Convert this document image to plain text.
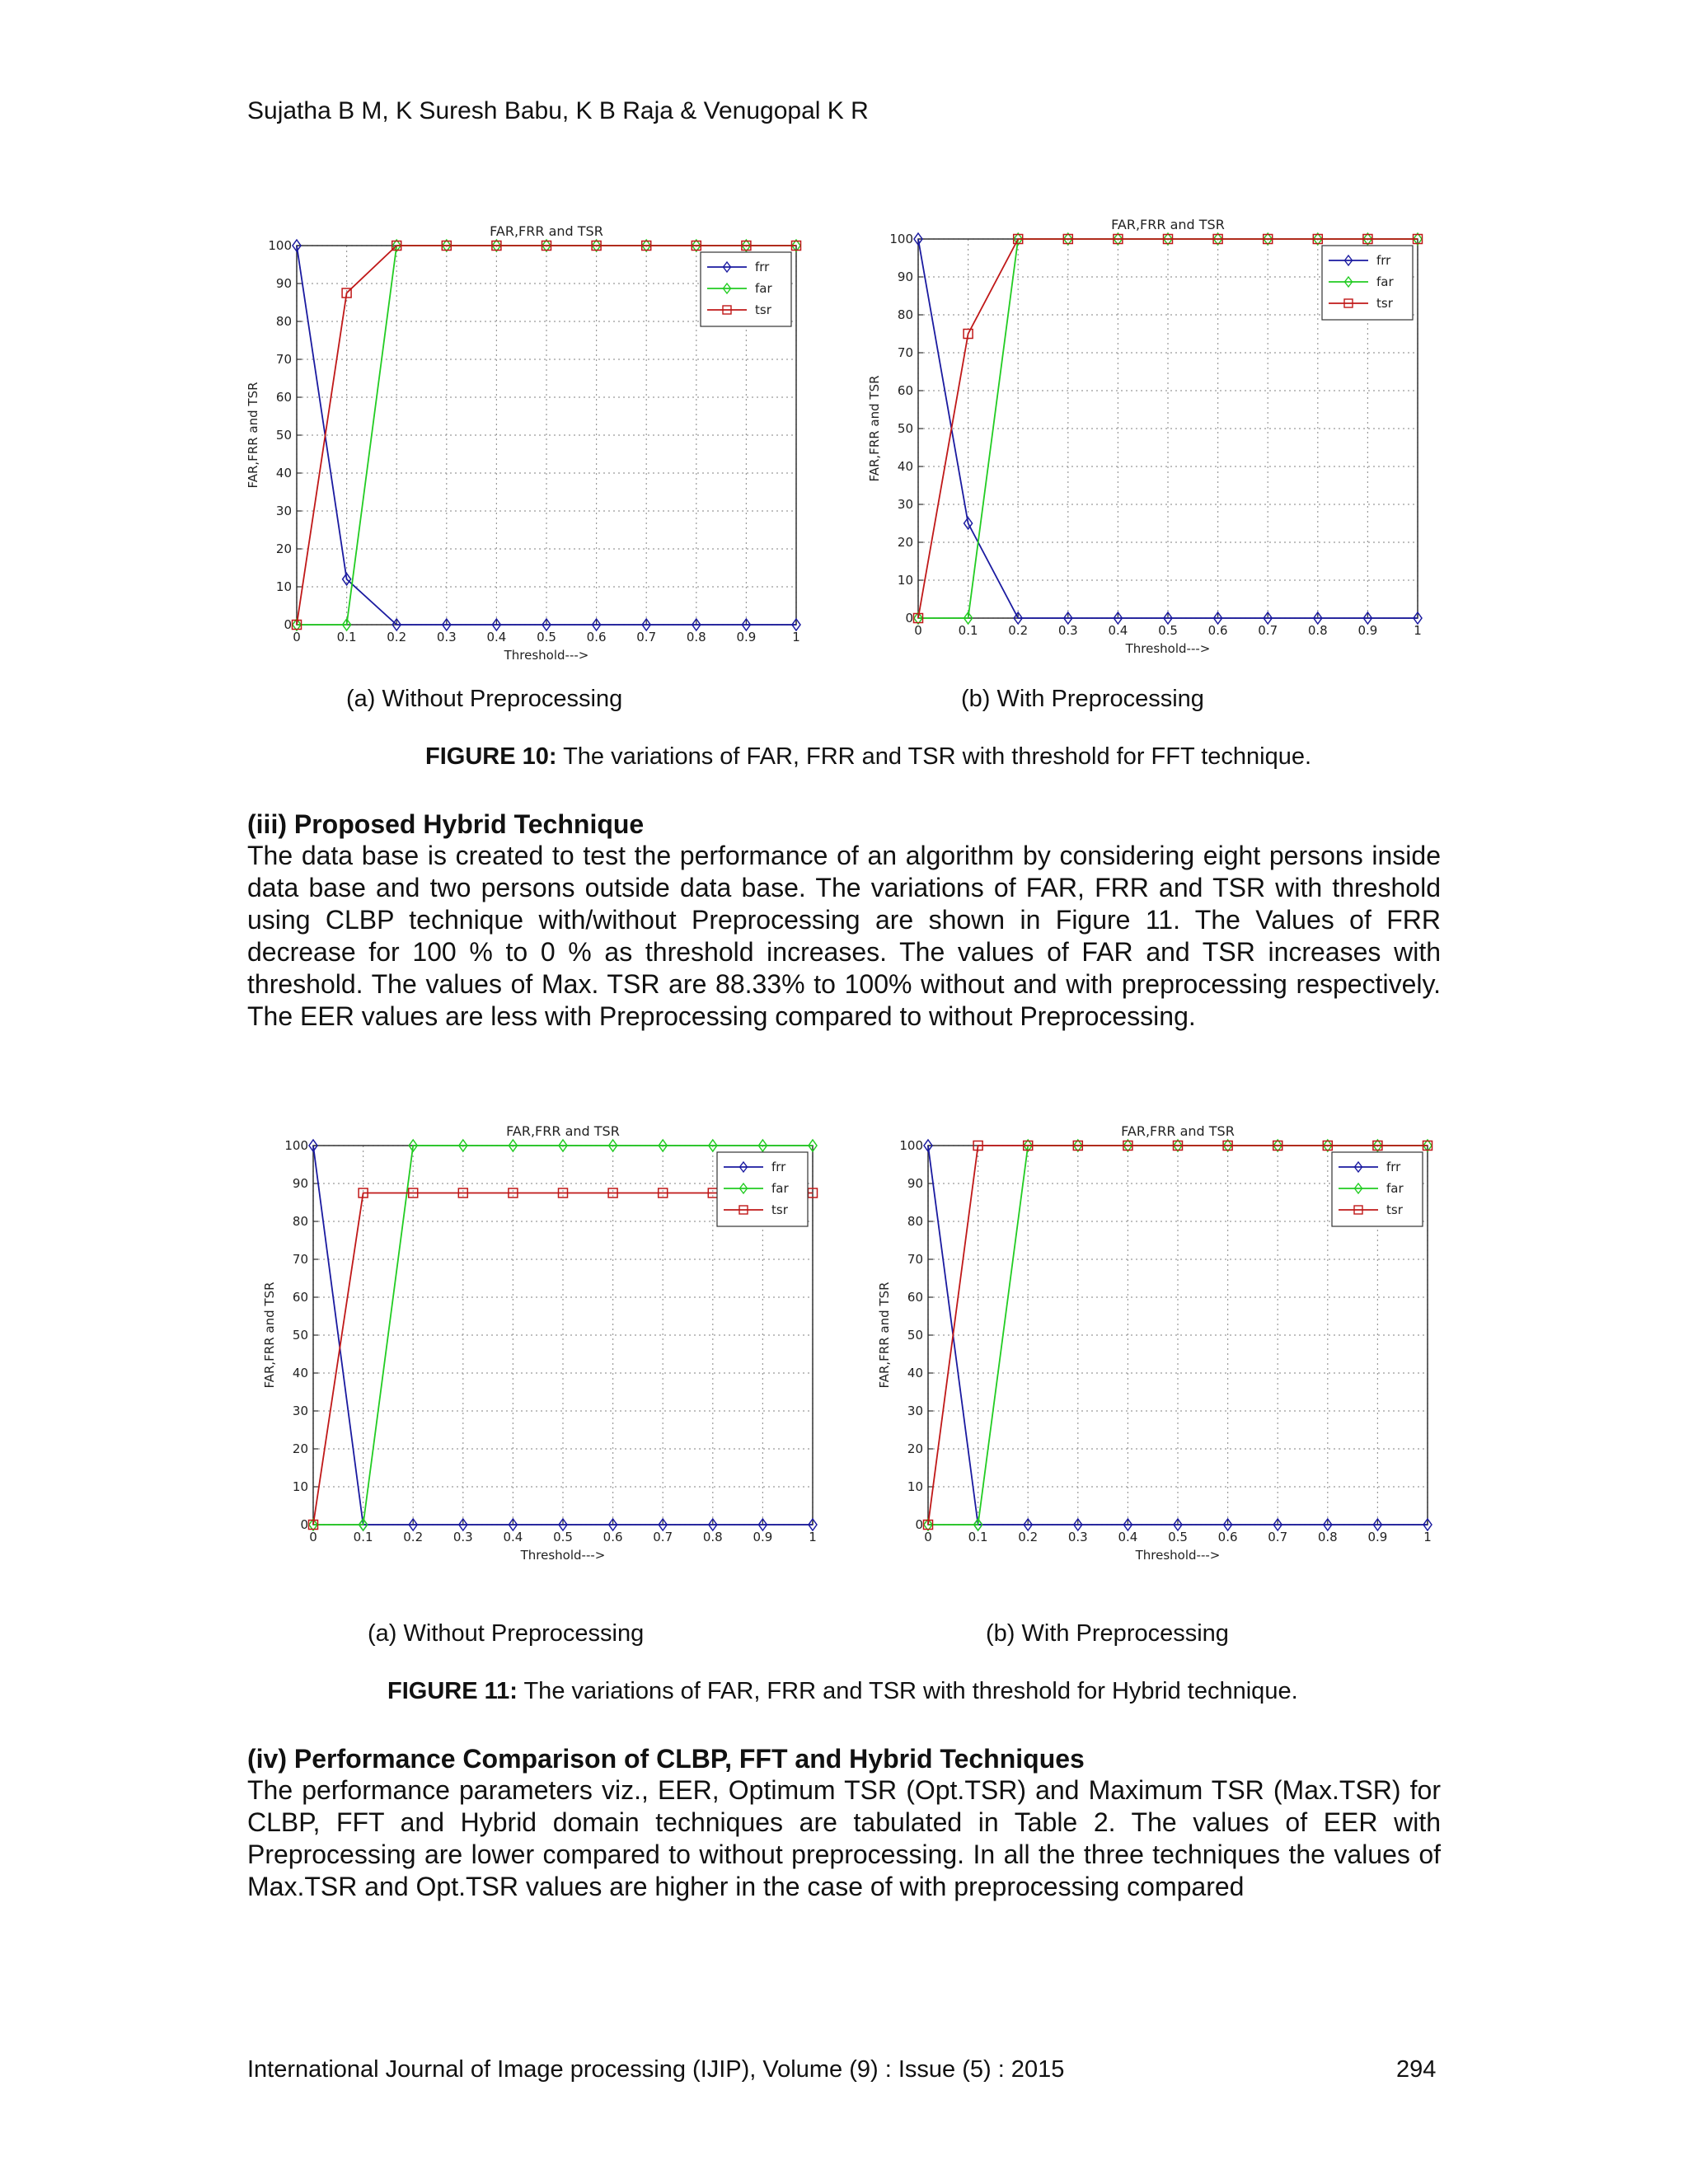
Sujatha B M, K Suresh Babu, K B Raja & Venugopal K R
0	0.1 0.2 0.3 0.4 0.5 0.6 0.7 0.8 0.9	1
0
10
20
30
40
50
60
70
80
90
100
FAR,FRR and TSR
Threshold--->
FAR,FRR and TSR
frr
far
tsr
0	0.1 0.2 0.3 0.4 0.5 0.6 0.7 0.8 0.9	1
0
10
20
30
40
50
60
70
80
90
100
FAR,FRR and TSR
Threshold--->
FAR,FRR and TSR
frr
far
tsr
(a) Without Preprocessing	(b) With Preprocessing
FIGURE 10: The variations of FAR, FRR and TSR with threshold for FFT technique.
(iii) Proposed Hybrid Technique
The data base is created to test the performance of an algorithm by considering eight persons inside data base and two persons outside data base. The variations of FAR, FRR and TSR with threshold using CLBP technique with/without Preprocessing are shown in Figure 11. The Values of FRR decrease for 100 % to 0 % as threshold increases. The values of FAR and TSR increases with threshold. The values of Max. TSR are 88.33% to 100% without and with preprocessing respectively. The EER values are less with Preprocessing compared to without Preprocessing.
0	0.1 0.2 0.3 0.4 0.5 0.6 0.7 0.8 0.9	1
0
10
20
30
40
50
60
70
80
90
100
FAR,FRR and TSR
Threshold--->
FAR,FRR and TSR
frr
far
tsr
0	0.1 0.2 0.3 0.4 0.5 0.6 0.7 0.8 0.9	1
0
10
20
30
40
50
60
70
80
90
100
FAR,FRR and TSR
Threshold--->
FAR,FRR and TSR
frr
far
tsr
(a) Without Preprocessing	(b) With Preprocessing
FIGURE 11: The variations of FAR, FRR and TSR with threshold for Hybrid technique.
(iv) Performance Comparison of CLBP, FFT and Hybrid Techniques
The performance parameters viz., EER, Optimum TSR (Opt.TSR) and Maximum TSR (Max.TSR) for CLBP, FFT and Hybrid domain techniques are tabulated in Table 2. The values of EER with Preprocessing are lower compared to without preprocessing. In all the three techniques the values of Max.TSR and Opt.TSR values are higher in the case of with preprocessing compared
International Journal of Image processing (IJIP), Volume (9) : Issue (5) : 2015	294
